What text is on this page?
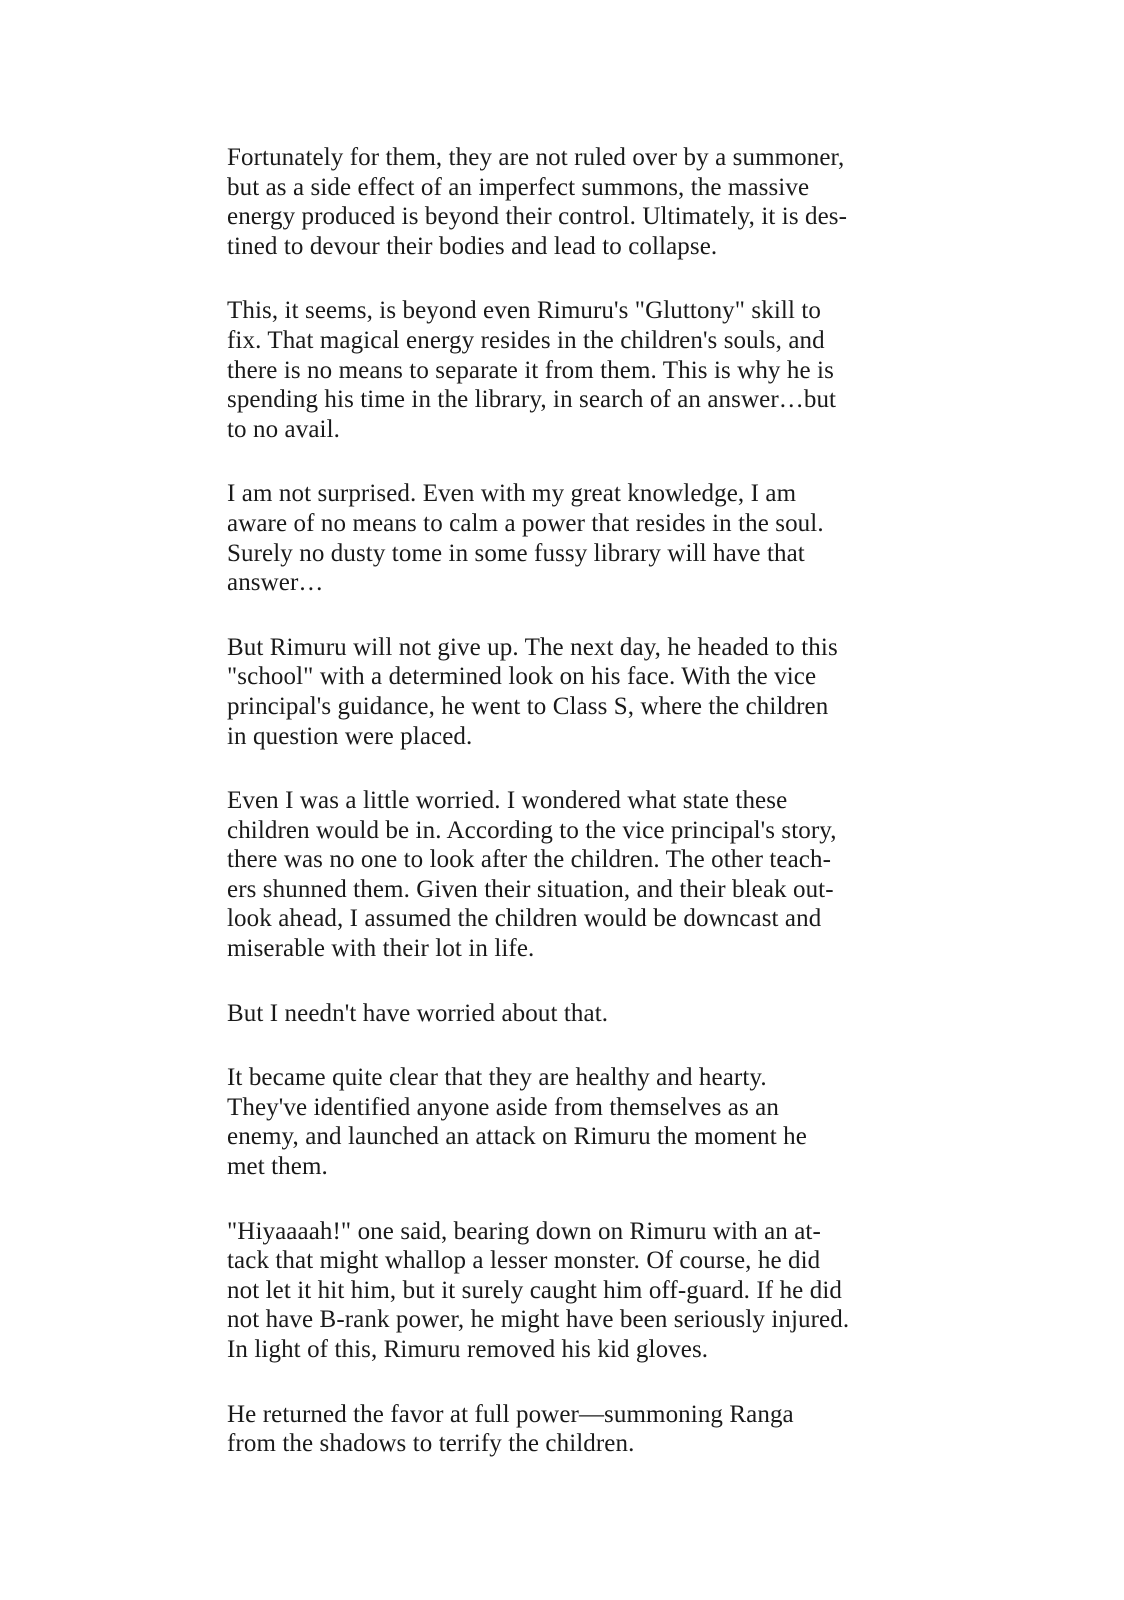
Fortunately for them, they are not ruled over by a summoner,
but as a side effect of an imperfect summons, the massive
energy produced is beyond their control. Ultimately, it is des-
tined to devour their bodies and lead to collapse.

This, it seems, is beyond even Rimuru's "Gluttony" skill to
fix. That magical energy resides in the children's souls, and
there is no means to separate it from them. This is why he is
spending his time in the library, in search of an answer…but
to no avail.

I am not surprised. Even with my great knowledge, I am
aware of no means to calm a power that resides in the soul.
Surely no dusty tome in some fussy library will have that
answer…

But Rimuru will not give up. The next day, he headed to this
"school" with a determined look on his face. With the vice
principal's guidance, he went to Class S, where the children
in question were placed.

Even I was a little worried. I wondered what state these
children would be in. According to the vice principal's story,
there was no one to look after the children. The other teach-
ers shunned them. Given their situation, and their bleak out-
look ahead, I assumed the children would be downcast and
miserable with their lot in life.

But I needn't have worried about that.

It became quite clear that they are healthy and hearty.
They've identified anyone aside from themselves as an
enemy, and launched an attack on Rimuru the moment he
met them.

"Hiyaaaah!" one said, bearing down on Rimuru with an at-
tack that might whallop a lesser monster. Of course, he did
not let it hit him, but it surely caught him off-guard. If he did
not have B-rank power, he might have been seriously injured.
In light of this, Rimuru removed his kid gloves.

He returned the favor at full power—summoning Ranga
from the shadows to terrify the children.
